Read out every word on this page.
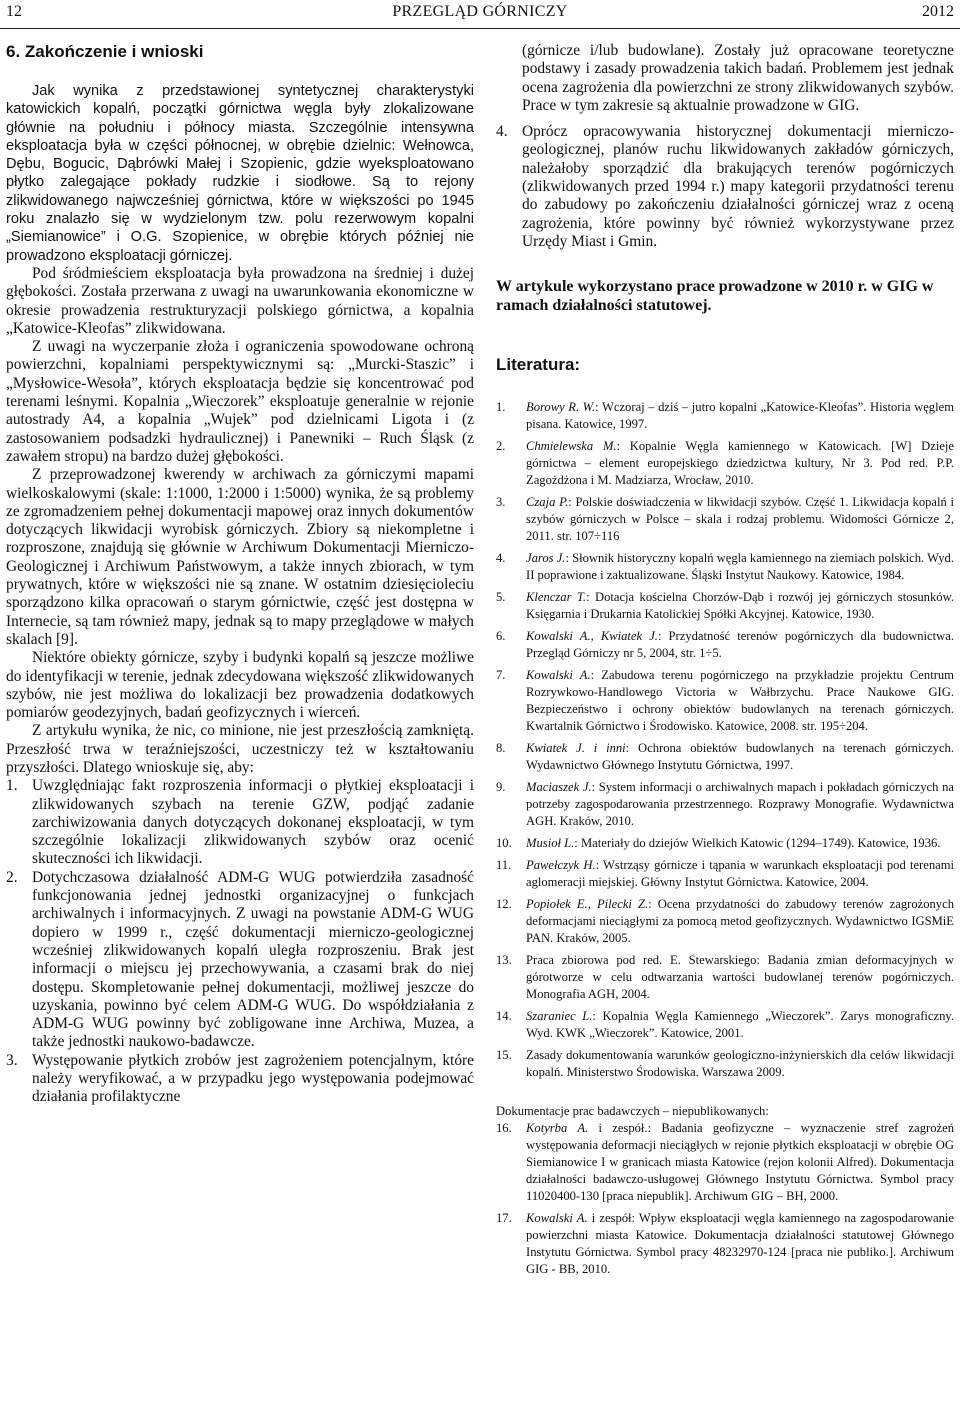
12	PRZEGLĄD GÓRNICZY	2012
6. Zakończenie i wnioski

Jak wynika z przedstawionej syntetycznej charakterystyki katowickich kopalń, początki górnictwa węgla były zlokalizowane głównie na południu i północy miasta. Szczególnie intensywna eksploatacja była w części północnej, w obrębie dzielnic: Wełnowca, Dębu, Bogucic, Dąbrówki Małej i Szopienic, gdzie wyeksploatowano płytko zalegające pokłady rudzkie i siodłowe. Są to rejony zlikwidowanego najwcześniej górnictwa, które w większości po 1945 roku znalazło się w wydzielonym tzw. polu rezerwowym kopalni „Siemianowice” i O.G. Szopienice, w obrębie których później nie prowadzono eksploatacji górniczej.

Pod śródmieściem eksploatacja była prowadzona na średniej i dużej głębokości. Została przerwana z uwagi na uwarunkowania ekonomiczne w okresie prowadzenia restrukturyzacji polskiego górnictwa, a kopalnia „Katowice-Kleofas” zlikwidowana.

Z uwagi na wyczerpanie złoża i ograniczenia spowodowane ochroną powierzchni, kopalniami perspektywicznymi są: „Murcki-Staszic” i „Mysłowice-Wesoła”, których eksploatacja będzie się koncentrować pod terenami leśnymi. Kopalnia „Wieczorek” eksploatuje generalnie w rejonie autostrady A4, a kopalnia „Wujek” pod dzielnicami Ligota i (z zastosowaniem podsadzki hydraulicznej) i Panewniki – Ruch Śląsk (z zawałem stropu) na bardzo dużej głębokości.

Z przeprowadzonej kwerendy w archiwach za górniczymi mapami wielkoskalowymi (skale: 1:1000, 1:2000 i 1:5000) wynika, że są problemy ze zgromadzeniem pełnej dokumentacji mapowej oraz innych dokumentów dotyczących likwidacji wyrobisk górniczych. Zbiory są niekompletne i rozproszone, znajdują się głównie w Archiwum Dokumentacji Mierniczo-Geologicznej i Archiwum Państwowym, a także innych zbiorach, w tym prywatnych, które w większości nie są znane. W ostatnim dziesięcioleciu sporządzono kilka opracowań o starym górnictwie, część jest dostępna w Internecie, są tam również mapy, jednak są to mapy przeglądowe w małych skalach [9].

Niektóre obiekty górnicze, szyby i budynki kopalń są jeszcze możliwe do identyfikacji w terenie, jednak zdecydowana większość zlikwidowanych szybów, nie jest możliwa do lokalizacji bez prowadzenia dodatkowych pomiarów geodezyjnych, badań geofizycznych i wierceń.

Z artykułu wynika, że nic, co minione, nie jest przeszłością zamkniętą. Przeszłość trwa w teraźniejszości, uczestniczy też w kształtowaniu przyszłości. Dlatego wnioskuje się, aby:

1. Uwzględniając fakt rozproszenia informacji o płytkiej eksploatacji i zlikwidowanych szybach na terenie GZW, podjąć zadanie zarchiwizowania danych dotyczących dokonanej eksploatacji, w tym szczególnie lokalizacji zlikwidowanych szybów oraz ocenić skuteczności ich likwidacji.
2. Dotychczasowa działalność ADM-G WUG potwierdziła zasadność funkcjonowania jednej jednostki organizacyjnej o funkcjach archiwalnych i informacyjnych. Z uwagi na powstanie ADM-G WUG dopiero w 1999 r., część dokumentacji mierniczo-geologicznej wcześniej zlikwidowanych kopalń uległa rozproszeniu. Brak jest informacji o miejscu jej przechowywania, a czasami brak do niej dostępu. Skompletowanie pełnej dokumentacji, możliwej jeszcze do uzyskania, powinno być celem ADM-G WUG. Do współdziałania z ADM-G WUG powinny być zobligowane inne Archiwa, Muzea, a także jednostki naukowo-badawcze.
3. Występowanie płytkich zrobów jest zagrożeniem potencjalnym, które należy weryfikować, a w przypadku jego występowania podejmować działania profilaktyczne
(górnicze i/lub budowlane). Zostały już opracowane teoretyczne podstawy i zasady prowadzenia takich badań. Problemem jest jednak ocena zagrożenia dla powierzchni ze strony zlikwidowanych szybów. Prace w tym zakresie są aktualnie prowadzone w GIG.
4. Oprócz opracowywania historycznej dokumentacji mierniczo-geologicznej, planów ruchu likwidowanych zakładów górniczych, należałoby sporządzić dla brakujących terenów pogórniczych (zlikwidowanych przed 1994 r.) mapy kategorii przydatności terenu do zabudowy po zakończeniu działalności górniczej wraz z oceną zagrożenia, które powinny być również wykorzystywane przez Urzędy Miast i Gmin.

W artykule wykorzystano prace prowadzone w 2010 r. w GIG w ramach działalności statutowej.

Literatura:
1. Borowy R. W.: Wczoraj – dziś – jutro kopalni „Katowice-Kleofas”. Historia węglem pisana. Katowice, 1997.
2. Chmielewska M.: Kopalnie Węgla kamiennego w Katowicach. [W] Dzieje górnictwa – element europejskiego dziedzictwa kultury, Nr 3. Pod red. P.P. Zagożdżona i M. Madziarza, Wrocław, 2010.
3. Czaja P.: Polskie doświadczenia w likwidacji szybów. Część 1. Likwidacja kopalń i szybów górniczych w Polsce – skala i rodzaj problemu. Widomości Górnicze 2, 2011. str. 107÷116
4. Jaros J.: Słownik historyczny kopalń węgla kamiennego na ziemiach polskich. Wyd. II poprawione i zaktualizowane. Śląski Instytut Naukowy. Katowice, 1984.
5. Klenczar T.: Dotacja kościelna Chorzów-Dąb i rozwój jej górniczych stosunków. Księgarnia i Drukarnia Katolickiej Spółki Akcyjnej. Katowice, 1930.
6. Kowalski A., Kwiatek J.: Przydatność terenów pogórniczych dla budownictwa. Przegląd Górniczy nr 5, 2004, str. 1÷5.
7. Kowalski A.: Zabudowa terenu pogórniczego na przykładzie projektu Centrum Rozrywkowo-Handlowego Victoria w Wałbrzychu. Prace Naukowe GIG. Bezpieczeństwo i ochrony obiektów budowlanych na terenach górniczych. Kwartalnik Górnictwo i Środowisko. Katowice, 2008. str. 195÷204.
8. Kwiatek J. i inni: Ochrona obiektów budowlanych na terenach górniczych. Wydawnictwo Głównego Instytutu Górnictwa, 1997.
9. Maciaszek J.: System informacji o archiwalnych mapach i pokładach górniczych na potrzeby zagospodarowania przestrzennego. Rozprawy Monografie. Wydawnictwa AGH. Kraków, 2010.
10. Musioł L.: Materiały do dziejów Wielkich Katowic (1294–1749). Katowice, 1936.
11. Pawełczyk H.: Wstrząsy górnicze i tąpania w warunkach eksploatacji pod terenami aglomeracji miejskiej. Główny Instytut Górnictwa. Katowice, 2004.
12. Popiołek E., Pilecki Z.: Ocena przydatności do zabudowy terenów zagrożonych deformacjami nieciągłymi za pomocą metod geofizycznych. Wydawnictwo IGSMiE PAN. Kraków, 2005.
13. Praca zbiorowa pod red. E. Stewarskiego: Badania zmian deformacyjnych w górotworze w celu odtwarzania wartości budowlanej terenów pogórniczych. Monografia AGH, 2004.
14. Szaraniec L.: Kopalnia Węgla Kamiennego „Wieczorek”. Zarys monograficzny. Wyd. KWK „Wieczorek”. Katowice, 2001.
15. Zasady dokumentowania warunków geologiczno-inżynierskich dla celów likwidacji kopalń. Ministerstwo Środowiska. Warszawa 2009.

Dokumentacje prac badawczych – niepublikowanych:

16. Kotyrba A. i zespół.: Badania geofizyczne – wyznaczenie stref zagrożeń występowania deformacji nieciągłych w rejonie płytkich eksploatacji w obrębie OG Siemianowice I w granicach miasta Katowice (rejon kolonii Alfred). Dokumentacja działalności badawczo-usługowej Głównego Instytutu Górnictwa. Symbol pracy 11020400-130 [praca niepublik]. Archiwum GIG – BH, 2000.
17. Kowalski A. i zespół: Wpływ eksploatacji węgla kamiennego na zagospodarowanie powierzchni miasta Katowice. Dokumentacja działalności statutowej Głównego Instytutu Górnictwa. Symbol pracy 48232970-124 [praca nie publiko.]. Archiwum GIG - BB, 2010.
